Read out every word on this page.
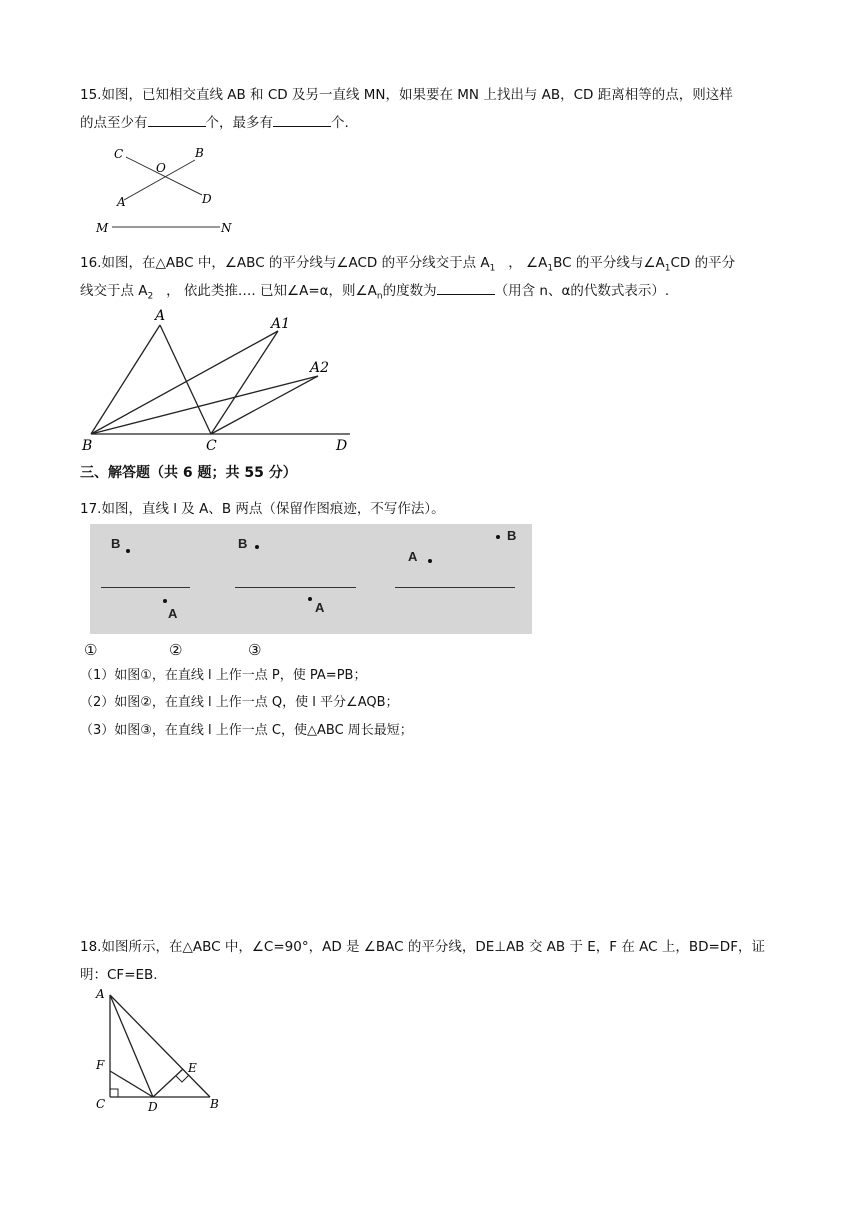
15.如图，已知相交直线 AB 和 CD 及另一直线 MN，如果要在 MN 上找出与 AB，CD 距离相等的点，则这样
的点至少有	个，最多有	个.
C	B
O
A	D
M	N
16.如图，在△ABC 中，∠ABC 的平分线与∠ACD 的平分线交于点 $A_1$ ， $\angle A_1BC$ 的平分线与$\angle A_1CD$ 的平分
线交于点 $A_2$ ， 依此类推…. 已知∠A=α，则$\angle A_n$的度数为	（用含 n、α的代数式表示）.
A	A1
A2
B	C	D
三、解答题（共 6 题；共 55 分）
17.如图，直线 l 及 A、B 两点（保留作图痕迹，不写作法）。
B
A
B
A
A
B
①	②	③
（1）如图①，在直线 l 上作一点 P，使 PA=PB；
（2）如图②，在直线 l 上作一点 Q，使 l 平分∠AQB；
（3）如图③，在直线 l 上作一点 C，使△ABC 周长最短；
18.如图所示，在△ABC 中，∠C=90°，AD 是 ∠BAC 的平分线，DE⊥AB 交 AB 于 E，F 在 AC 上，BD=DF，证
明：CF=EB.
A
F	E
C	D	B
